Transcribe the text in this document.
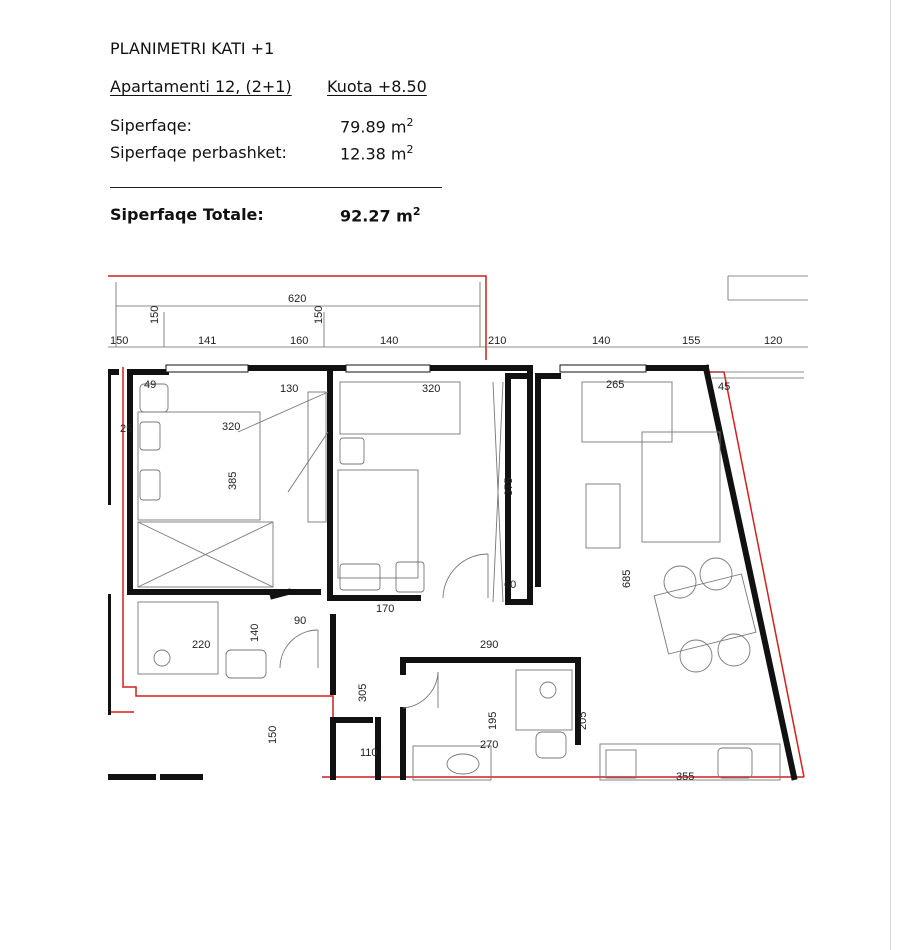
PLANIMETRI KATI +1
Apartamenti 12, (2+1) Kuota +8.50
Siperfaqe:	79.89 $m^2$
Siperfaqe perbashket:	12.38 $m^2$
Siperfaqe Totale:	92.27 $m^2$
620
150	150
150	141	160	140	210	140	155	120
49	130
320
320	265	45
25
385	375
685
60
170
90
220
140
290
305
195	205
270
150
110
355
